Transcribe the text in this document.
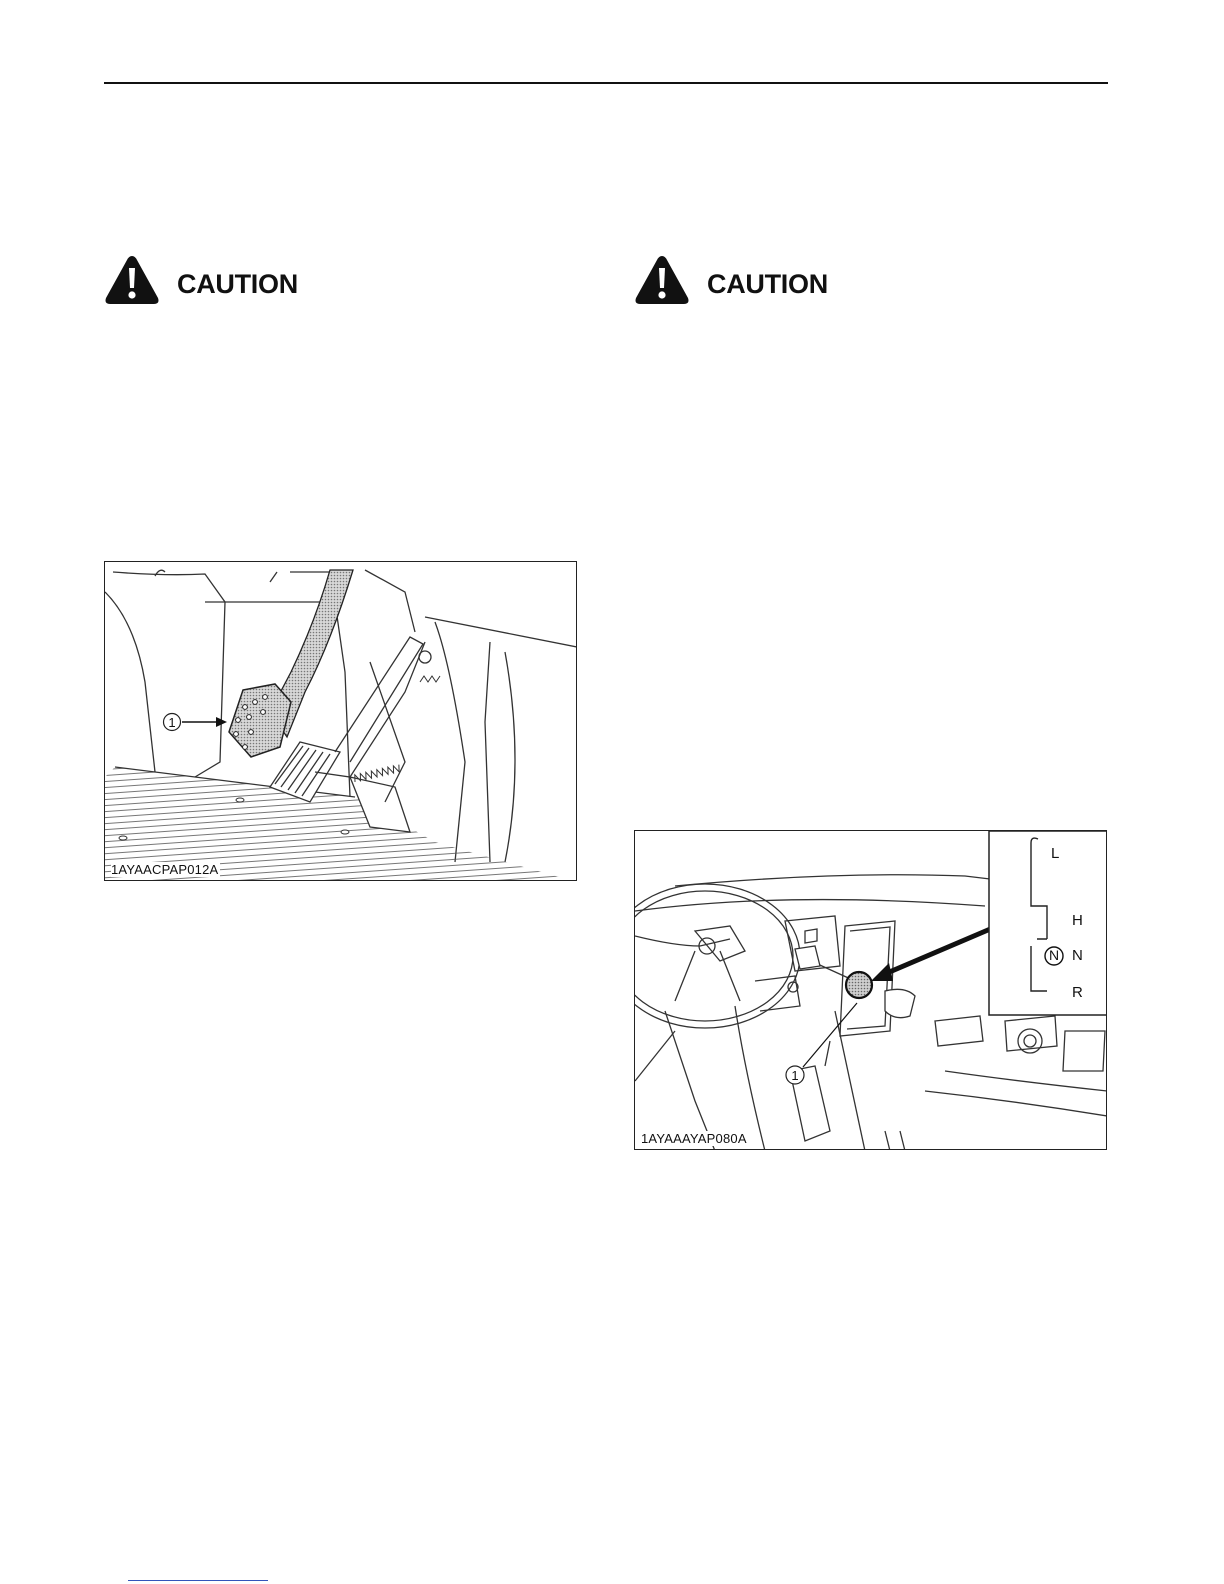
CAUTION	CAUTION
1
1AYAACPAP012A
1
L
H
N N
R
1AYAAAYAP080A
